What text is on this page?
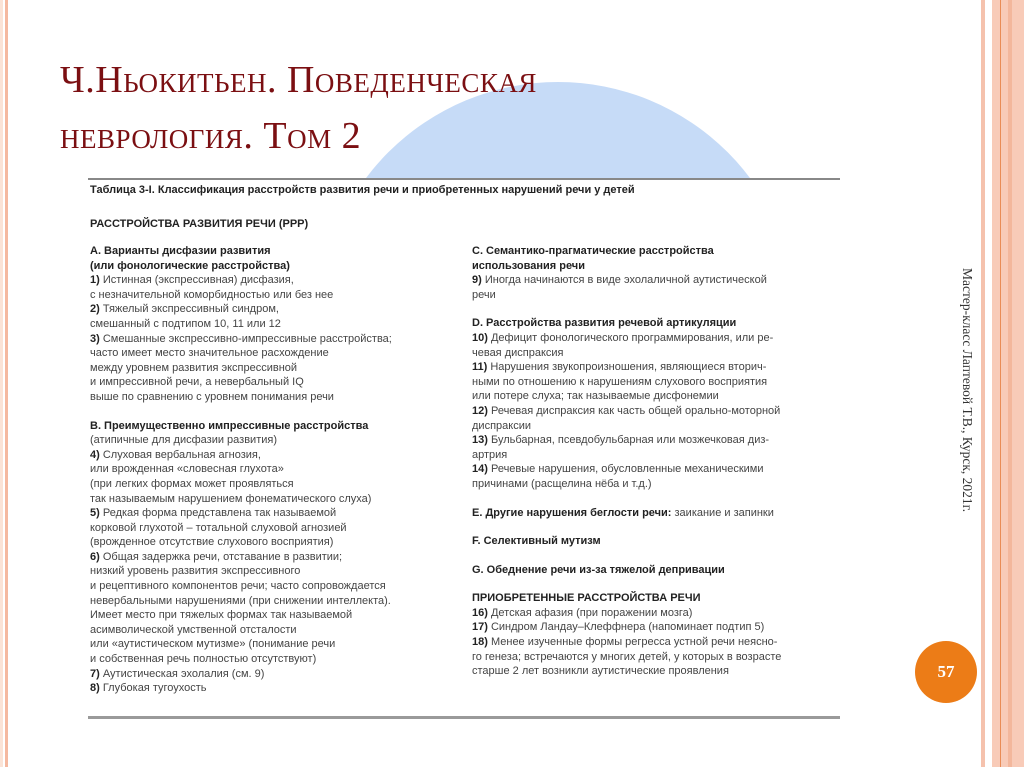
Ч.Ньокитьен. Поведенческая
неврология. Том 2
Таблица 3-I. Классификация расстройств развития речи и приобретенных нарушений речи у детей
РАССТРОЙСТВА РАЗВИТИЯ РЕЧИ (РРР)
А. Варианты дисфазии развития
(или фонологические расстройства)
1) Истинная (экспрессивная) дисфазия,
с незначительной коморбидностью или без нее
2) Тяжелый экспрессивный синдром,
смешанный с подтипом 10, 11 или 12
3) Смешанные экспрессивно-импрессивные расстройства;
часто имеет место значительное расхождение
между уровнем развития экспрессивной
и импрессивной речи, а невербальный IQ
выше по сравнению с уровнем понимания речи
В. Преимущественно импрессивные расстройства
(атипичные для дисфазии развития)
4) Слуховая вербальная агнозия,
или врожденная «словесная глухота»
(при легких формах может проявляться
так называемым нарушением фонематического слуха)
5) Редкая форма представлена так называемой
корковой глухотой – тотальной слуховой агнозией
(врожденное отсутствие слухового восприятия)
6) Общая задержка речи, отставание в развитии;
низкий уровень развития экспрессивного
и рецептивного компонентов речи; часто сопровождается
невербальными нарушениями (при снижении интеллекта).
Имеет место при тяжелых формах так называемой
асимволической умственной отсталости
или «аутистическом мутизме» (понимание речи
и собственная речь полностью отсутствуют)
7) Аутистическая эхолалия (см. 9)
8) Глубокая тугоухость
С. Семантико-прагматические расстройства
использования речи
9) Иногда начинаются в виде эхолаличной аутистической
речи
D. Расстройства развития речевой артикуляции
10) Дефицит фонологического программирования, или ре-
чевая диспраксия
11) Нарушения звукопроизношения, являющиеся вторич-
ными по отношению к нарушениям слухового восприятия
или потере слуха; так называемые дисфонемии
12) Речевая диспраксия как часть общей орально-моторной
диспраксии
13) Бульбарная, псевдобульбарная или мозжечковая диз-
артрия
14) Речевые нарушения, обусловленные механическими
причинами (расщелина нёба и т.д.)
Е. Другие нарушения беглости речи: заикание и запинки
F. Селективный мутизм
G. Обеднение речи из-за тяжелой депривации
ПРИОБРЕТЕННЫЕ РАССТРОЙСТВА РЕЧИ
16) Детская афазия (при поражении мозга)
17) Синдром Ландау–Клеффнера (напоминает подтип 5)
18) Менее изученные формы регресса устной речи неясно-
го генеза; встречаются у многих детей, у которых в возрасте
старше 2 лет возникли аутистические проявления
Мастер-класс Лаптевой Т.В., Курск, 2021г.
57
